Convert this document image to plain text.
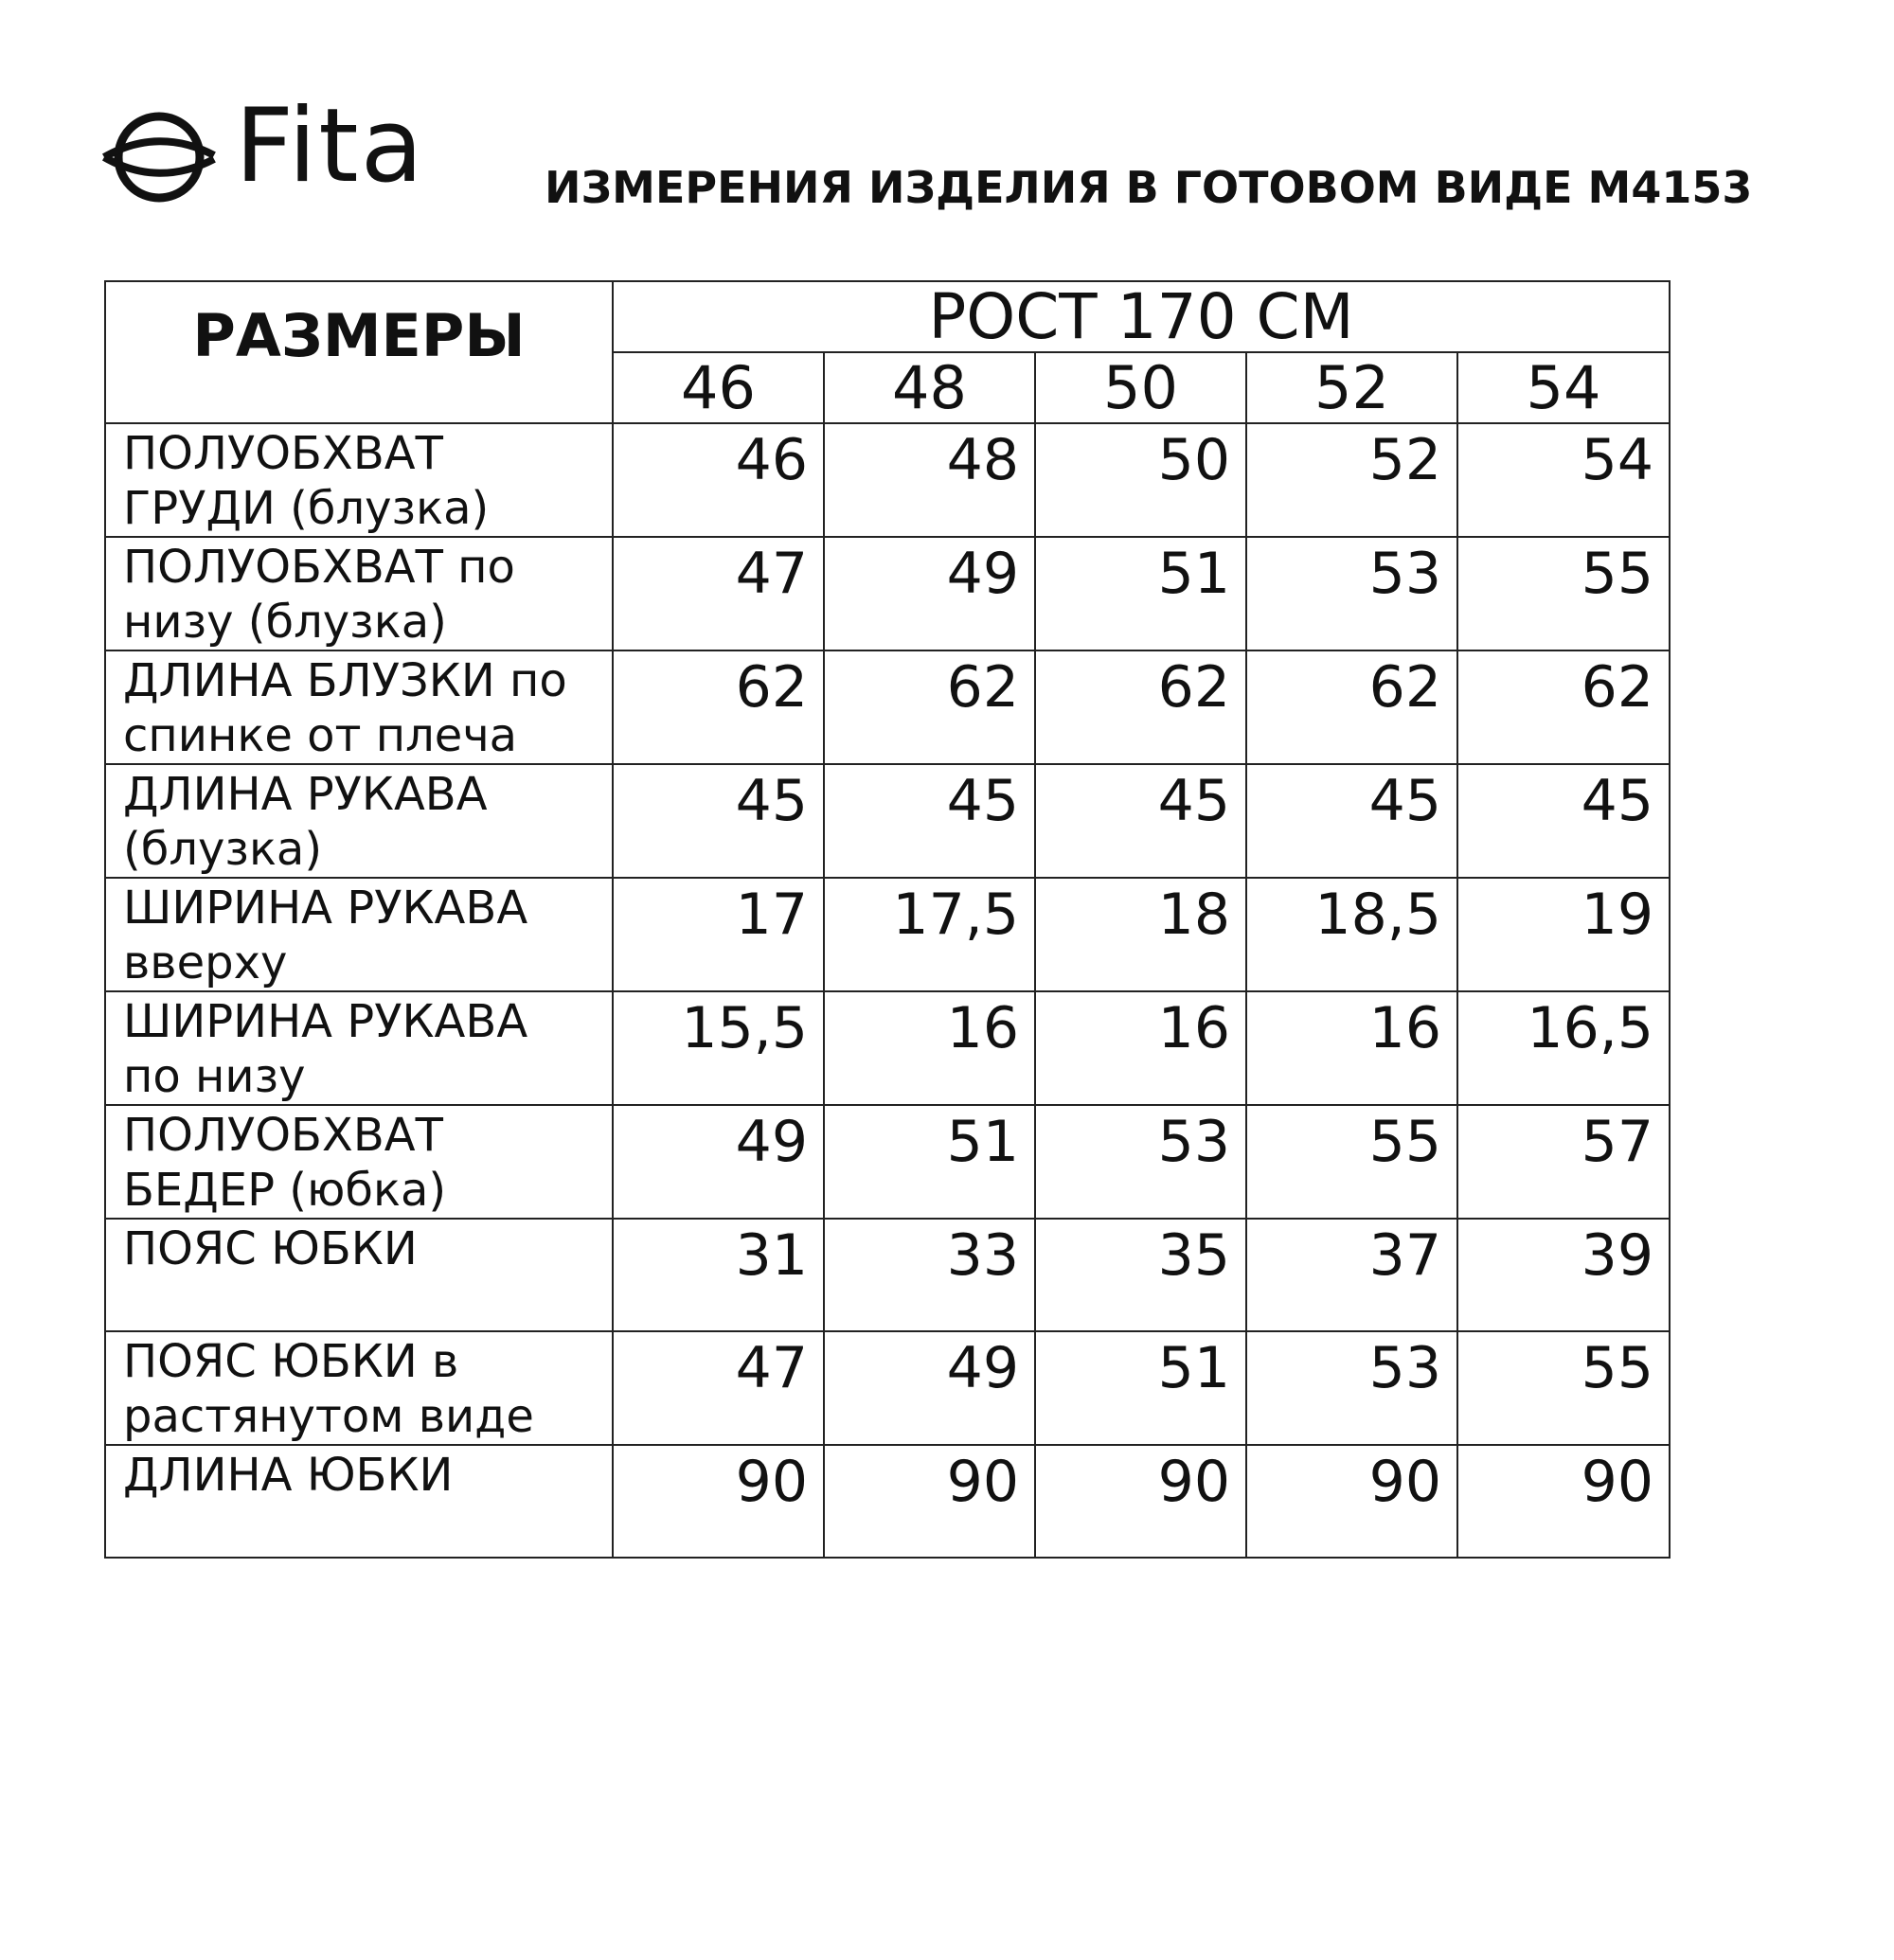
Fita	ИЗМЕРЕНИЯ ИЗДЕЛИЯ В ГОТОВОМ ВИДЕ М4153
РАЗМЕРЫ	РОСТ 170 СМ				
	46	48	50	52	54
ПОЛУОБХВАТ
ГРУДИ (блузка)	46	48	50	52	54
ПОЛУОБХВАТ по
низу (блузка)	47	49	51	53	55
ДЛИНА БЛУЗКИ по
спинке от плеча	62	62	62	62	62
ДЛИНА РУКАВА
(блузка)	45	45	45	45	45
ШИРИНА РУКАВА
вверху	17	17,5	18	18,5	19
ШИРИНА РУКАВА
по низу	15,5	16	16	16	16,5
ПОЛУОБХВАТ
БЕДЕР (юбка)	49	51	53	55	57
ПОЯС ЮБКИ	31	33	35	37	39
ПОЯС ЮБКИ в
растянутом виде	47	49	51	53	55
ДЛИНА ЮБКИ	90	90	90	90	90
